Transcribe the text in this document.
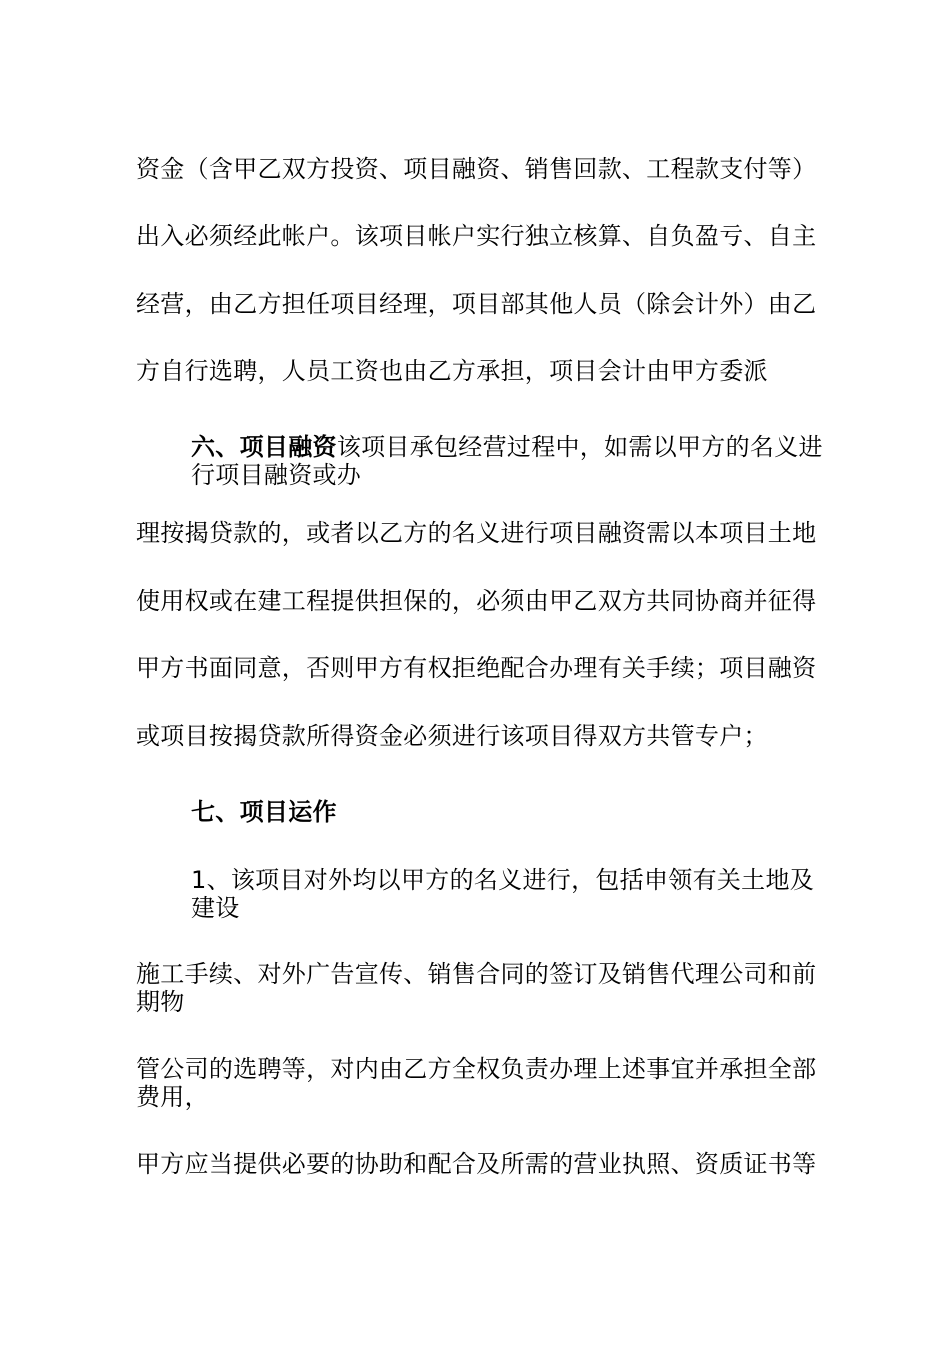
资金（含甲乙双方投资、项目融资、销售回款、工程款支付等）
出入必须经此帐户。该项目帐户实行独立核算、自负盈亏、自主
经营，由乙方担任项目经理，项目部其他人员（除会计外）由乙
方自行选聘，人员工资也由乙方承担，项目会计由甲方委派
六、项目融资该项目承包经营过程中，如需以甲方的名义进行项目融资或办
理按揭贷款的，或者以乙方的名义进行项目融资需以本项目土地
使用权或在建工程提供担保的，必须由甲乙双方共同协商并征得
甲方书面同意，否则甲方有权拒绝配合办理有关手续；项目融资
或项目按揭贷款所得资金必须进行该项目得双方共管专户；
七、项目运作
1、该项目对外均以甲方的名义进行，包括申领有关土地及建设
施工手续、对外广告宣传、销售合同的签订及销售代理公司和前期物
管公司的选聘等，对内由乙方全权负责办理上述事宜并承担全部费用，
甲方应当提供必要的协助和配合及所需的营业执照、资质证书等
